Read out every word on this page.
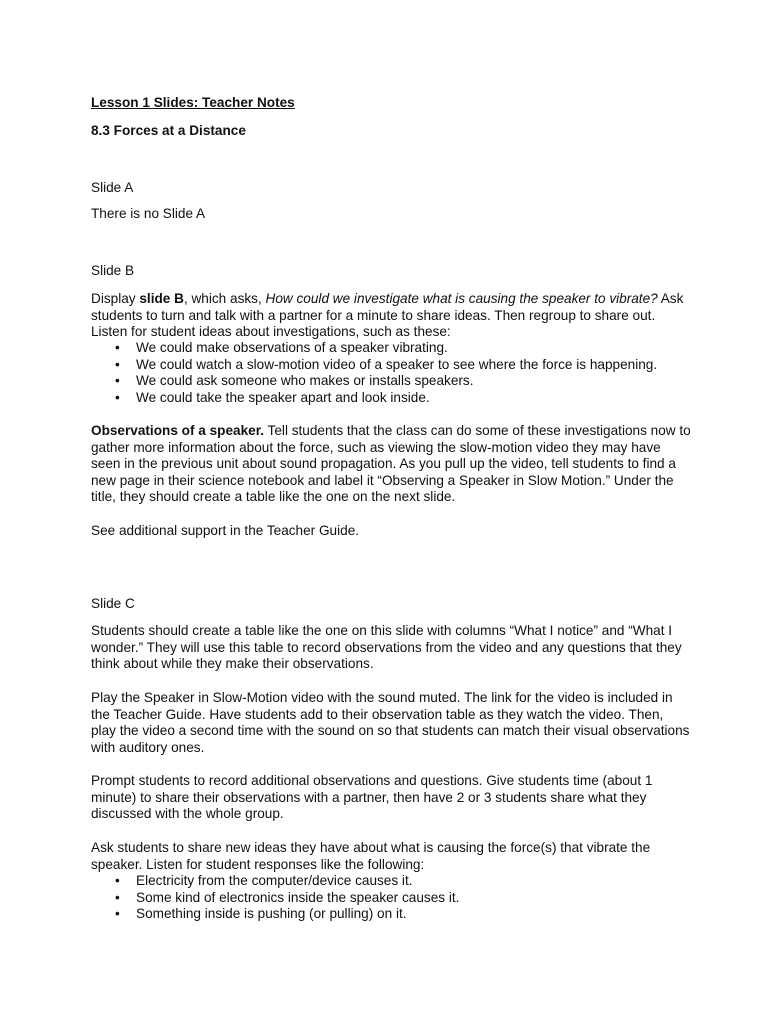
Lesson 1 Slides: Teacher Notes

8.3 Forces at a Distance

Slide A

There is no Slide A

Slide B

Display slide B, which asks, How could we investigate what is causing the speaker to vibrate? Ask students to turn and talk with a partner for a minute to share ideas. Then regroup to share out. Listen for student ideas about investigations, such as these:

• We could make observations of a speaker vibrating.
• We could watch a slow-motion video of a speaker to see where the force is happening.
• We could ask someone who makes or installs speakers.
• We could take the speaker apart and look inside.

Observations of a speaker. Tell students that the class can do some of these investigations now to gather more information about the force, such as viewing the slow-motion video they may have seen in the previous unit about sound propagation. As you pull up the video, tell students to find a new page in their science notebook and label it “Observing a Speaker in Slow Motion.” Under the title, they should create a table like the one on the next slide.

See additional support in the Teacher Guide.

Slide C

Students should create a table like the one on this slide with columns “What I notice” and “What I wonder.” They will use this table to record observations from the video and any questions that they think about while they make their observations.

Play the Speaker in Slow-Motion video with the sound muted. The link for the video is included in the Teacher Guide. Have students add to their observation table as they watch the video. Then, play the video a second time with the sound on so that students can match their visual observations with auditory ones.

Prompt students to record additional observations and questions. Give students time (about 1 minute) to share their observations with a partner, then have 2 or 3 students share what they discussed with the whole group.

Ask students to share new ideas they have about what is causing the force(s) that vibrate the speaker. Listen for student responses like the following:

• Electricity from the computer/device causes it.
• Some kind of electronics inside the speaker causes it.
• Something inside is pushing (or pulling) on it.
